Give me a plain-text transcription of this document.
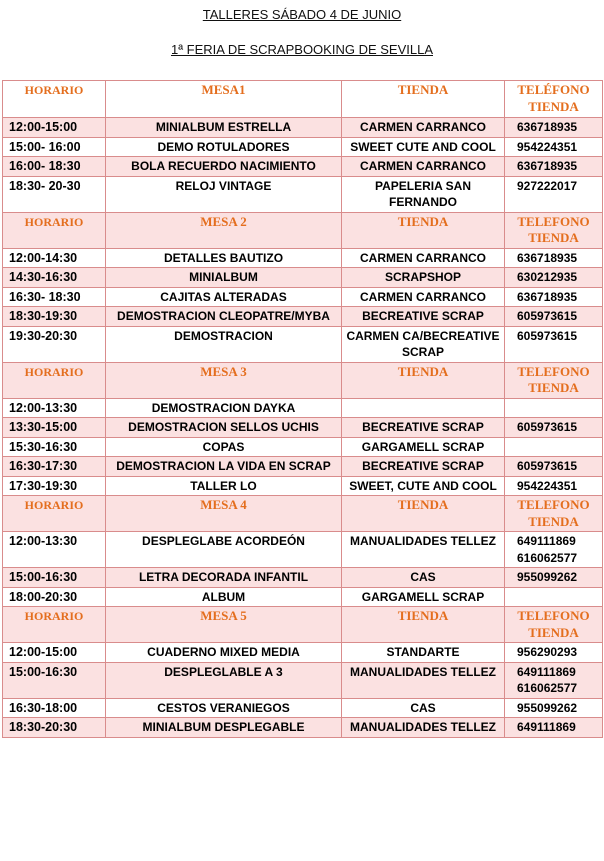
TALLERES SÁBADO 4 DE JUNIO
1ª FERIA DE SCRAPBOOKING DE SEVILLA
HORARIO	MESA1	TIENDA	TELÉFONO TIENDA
12:00-15:00	MINIALBUM ESTRELLA	CARMEN CARRANCO	636718935
15:00- 16:00	DEMO ROTULADORES	SWEET CUTE AND COOL	954224351
16:00- 18:30	BOLA RECUERDO NACIMIENTO	CARMEN CARRANCO	636718935
18:30- 20-30	RELOJ VINTAGE	PAPELERIA SAN FERNANDO	927222017
HORARIO	MESA 2	TIENDA	TELEFONO TIENDA
12:00-14:30	DETALLES BAUTIZO	CARMEN CARRANCO	636718935
14:30-16:30	MINIALBUM	SCRAPSHOP	630212935
16:30- 18:30	CAJITAS ALTERADAS	CARMEN CARRANCO	636718935
18:30-19:30	DEMOSTRACION CLEOPATRE/MYBA	BECREATIVE SCRAP	605973615
19:30-20:30	DEMOSTRACION	CARMEN CA/BECREATIVE SCRAP	605973615
HORARIO	MESA 3	TIENDA	TELEFONO TIENDA
12:00-13:30	DEMOSTRACION DAYKA		
13:30-15:00	DEMOSTRACION SELLOS UCHIS	BECREATIVE SCRAP	605973615
15:30-16:30	COPAS	GARGAMELL SCRAP	
16:30-17:30	DEMOSTRACION LA VIDA EN SCRAP	BECREATIVE SCRAP	605973615
17:30-19:30	TALLER LO	SWEET, CUTE AND COOL	954224351
HORARIO	MESA 4	TIENDA	TELEFONO TIENDA
12:00-13:30	DESPLEGLABE ACORDEÓN	MANUALIDADES TELLEZ	649111869 616062577
15:00-16:30	LETRA DECORADA INFANTIL	CAS	955099262
18:00-20:30	ALBUM	GARGAMELL SCRAP	
HORARIO	MESA 5	TIENDA	TELEFONO TIENDA
12:00-15:00	CUADERNO MIXED MEDIA	STANDARTE	956290293
15:00-16:30	DESPLEGLABLE A 3	MANUALIDADES TELLEZ	649111869 616062577
16:30-18:00	CESTOS VERANIEGOS	CAS	955099262
18:30-20:30	MINIALBUM DESPLEGABLE	MANUALIDADES TELLEZ	649111869
